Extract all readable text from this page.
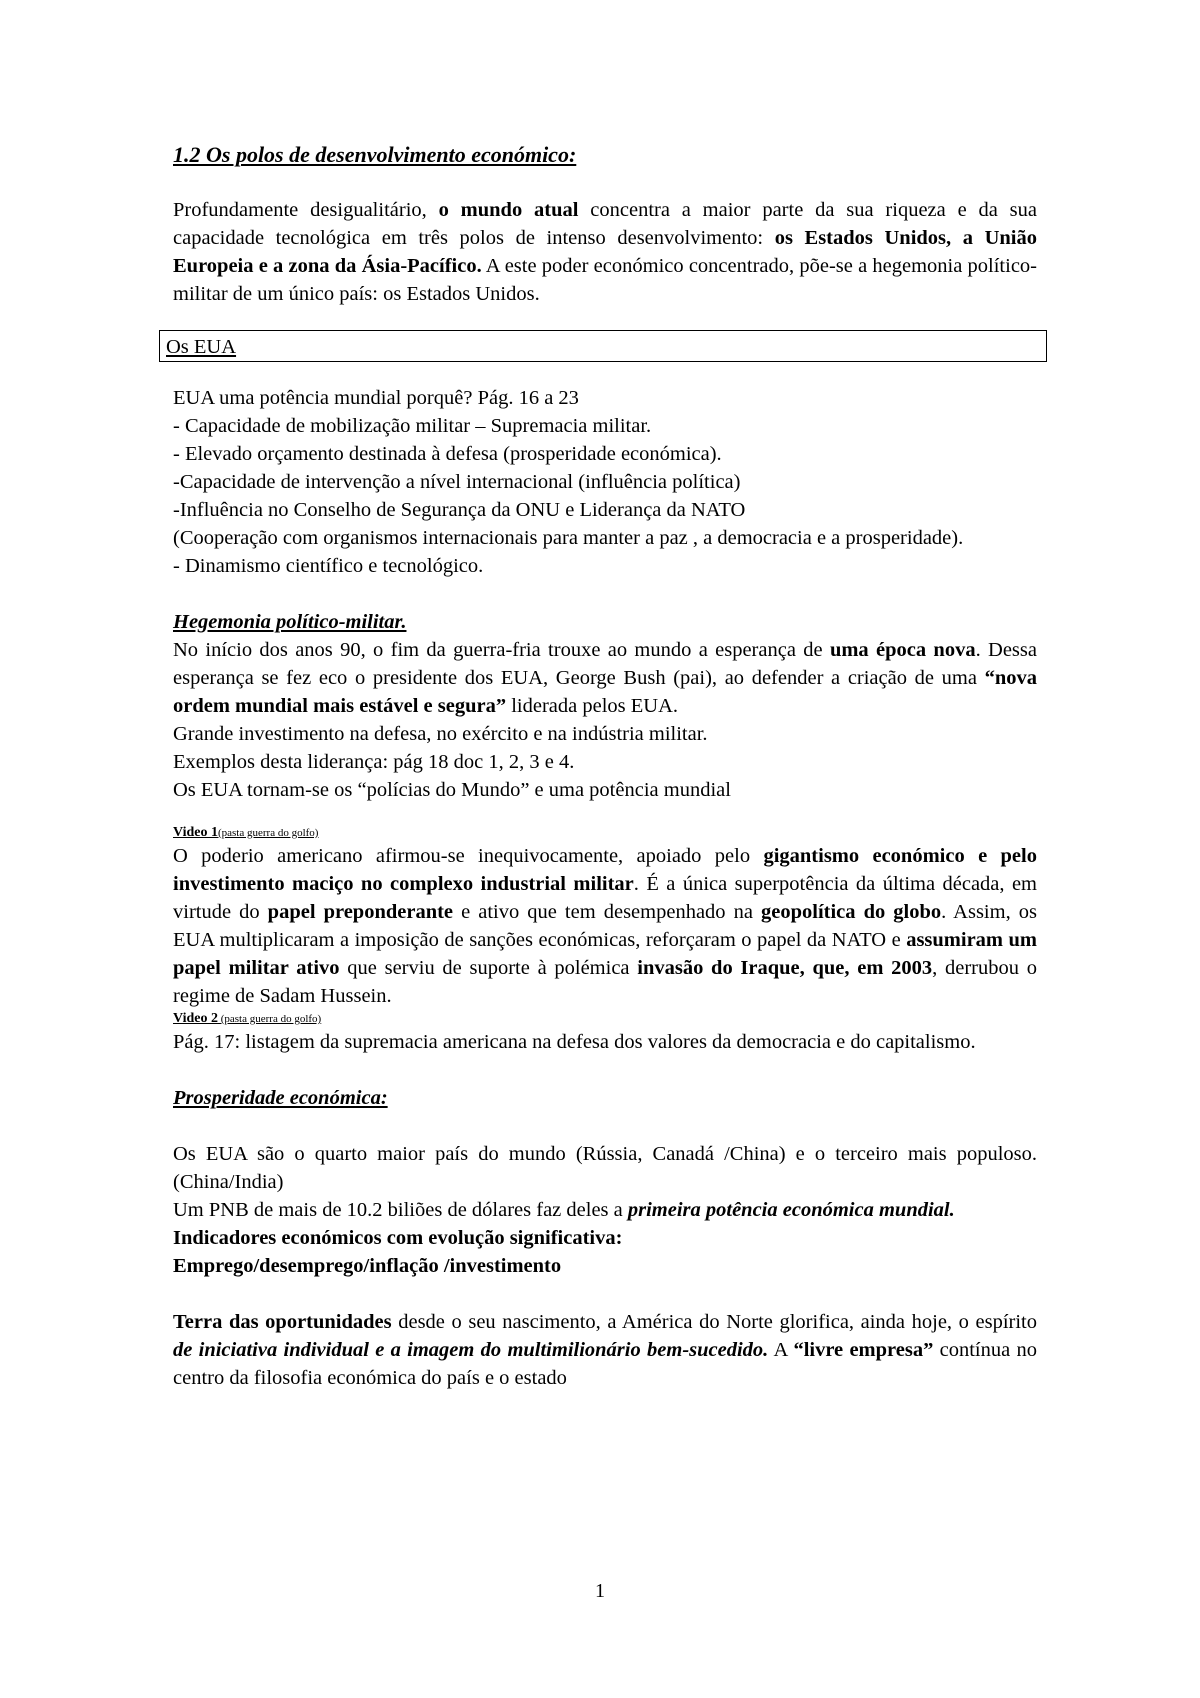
1.2 Os polos de desenvolvimento económico:

Profundamente desigualitário, o mundo atual concentra a maior parte da sua riqueza e da sua capacidade tecnológica em três polos de intenso desenvolvimento: os Estados Unidos, a União Europeia e a zona da Ásia-Pacífico. A este poder económico concentrado, põe-se a hegemonia político-militar de um único país: os Estados Unidos.

Os EUA

EUA uma potência mundial porquê? Pág. 16 a 23

- Capacidade de mobilização militar – Supremacia militar.

- Elevado orçamento destinada à defesa (prosperidade económica).

-Capacidade de intervenção a nível internacional (influência política)

-Influência no Conselho de Segurança da ONU e Liderança da NATO

(Cooperação com organismos internacionais para manter a paz , a democracia e a prosperidade).

- Dinamismo científico e tecnológico.

Hegemonia político-militar.

No início dos anos 90, o fim da guerra-fria trouxe ao mundo a esperança de uma época nova. Dessa esperança se fez eco o presidente dos EUA, George Bush (pai), ao defender a criação de uma “nova ordem mundial mais estável e segura” liderada pelos EUA.

Grande investimento na defesa, no exército e na indústria militar.

Exemplos desta liderança: pág 18 doc 1, 2, 3 e 4.

Os EUA tornam-se os “polícias do Mundo” e uma potência mundial

Video 1(pasta guerra do golfo)

O poderio americano afirmou-se inequivocamente, apoiado pelo gigantismo económico e pelo investimento maciço no complexo industrial militar. É a única superpotência da última década, em virtude do papel preponderante e ativo que tem desempenhado na geopolítica do globo. Assim, os EUA multiplicaram a imposição de sanções económicas, reforçaram o papel da NATO e assumiram um papel militar ativo que serviu de suporte à polémica invasão do Iraque, que, em 2003, derrubou o regime de Sadam Hussein.

Video 2 (pasta guerra do golfo)

Pág. 17: listagem da supremacia americana na defesa dos valores da democracia e do capitalismo.

Prosperidade económica:

Os EUA são o quarto maior país do mundo (Rússia, Canadá /China) e o terceiro mais populoso. (China/India)

Um PNB de mais de 10.2 biliões de dólares faz deles a primeira potência económica mundial. Indicadores económicos com evolução significativa:

Emprego/desemprego/inflação /investimento

Terra das oportunidades desde o seu nascimento, a América do Norte glorifica, ainda hoje, o espírito de iniciativa individual e a imagem do multimilionário bem-sucedido. A “livre empresa” contínua no centro da filosofia económica do país e o estado

1
